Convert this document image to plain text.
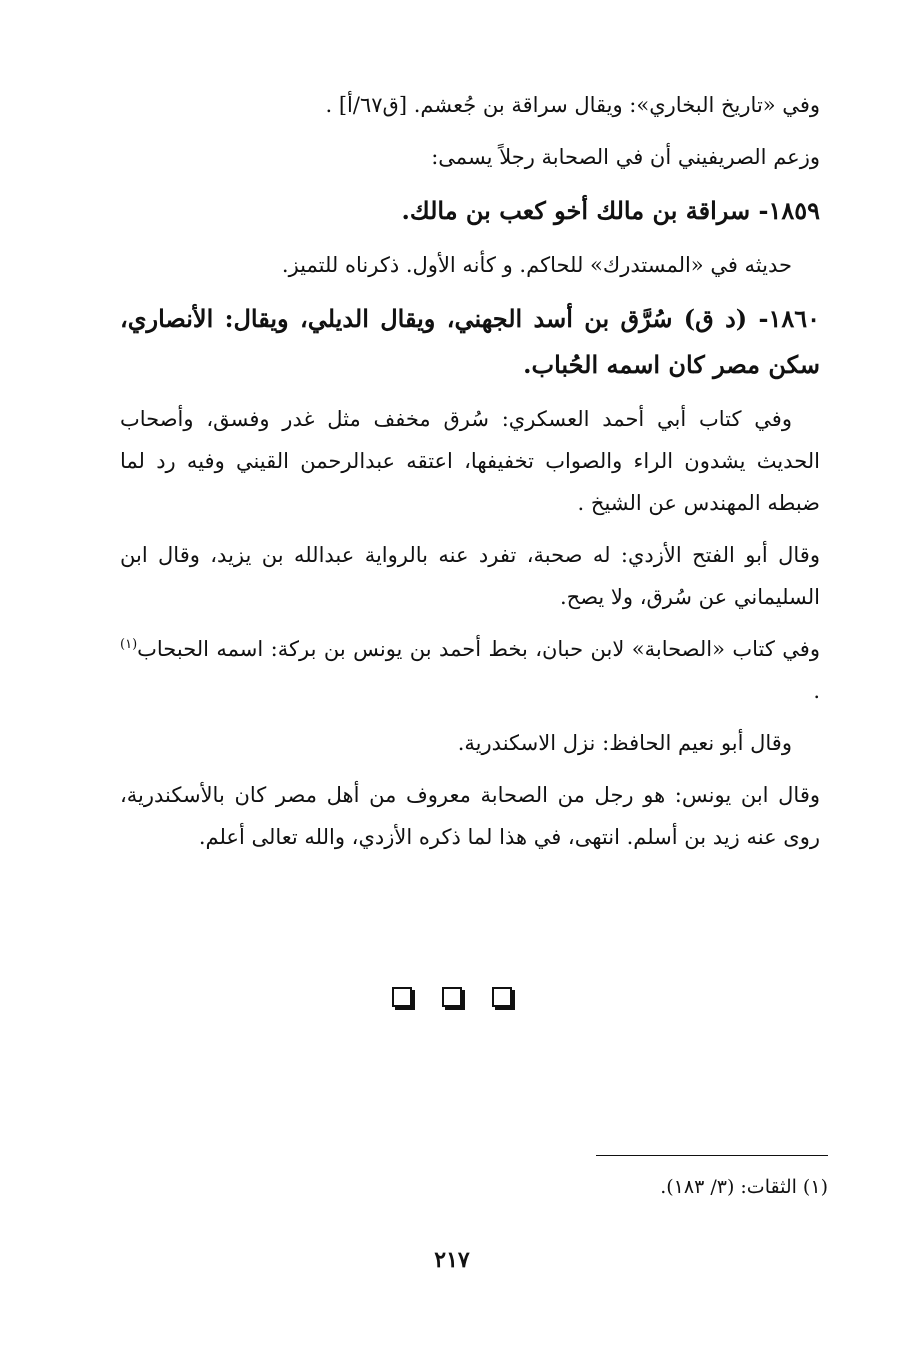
وفي «تاريخ البخاري»: ويقال سراقة بن جُعشم. [ق٦٧/أ] .

وزعم الصريفيني أن في الصحابة رجلاً يسمى:

١٨٥٩- سراقة بن مالك أخو كعب بن مالك.

حديثه في «المستدرك» للحاكم. و كأنه الأول. ذكرناه للتميز.

١٨٦٠- (د ق) سُرَّق بن أسد الجهني، ويقال الديلي، ويقال: الأنصاري، سكن مصر كان اسمه الحُباب.

وفي كتاب أبي أحمد العسكري: سُرق مخفف مثل غدر وفسق، وأصحاب الحديث يشدون الراء والصواب تخفيفها، اعتقه عبدالرحمن القيني وفيه رد لما ضبطه المهندس عن الشيخ .

وقال أبو الفتح الأزدي: له صحبة، تفرد عنه بالرواية عبدالله بن يزيد، وقال ابن السليماني عن سُرق، ولا يصح.

وفي كتاب «الصحابة» لابن حبان، بخط أحمد بن يونس بن بركة: اسمه الحبحاب$^{(١)}$ .

وقال أبو نعيم الحافظ: نزل الاسكندرية.

وقال ابن يونس: هو رجل من الصحابة معروف من أهل مصر كان بالأسكندرية، روى عنه زيد بن أسلم. انتهى، في هذا لما ذكره الأزدي، والله تعالى أعلم.

(١) الثقات: (٣/ ١٨٣).
٢١٧
